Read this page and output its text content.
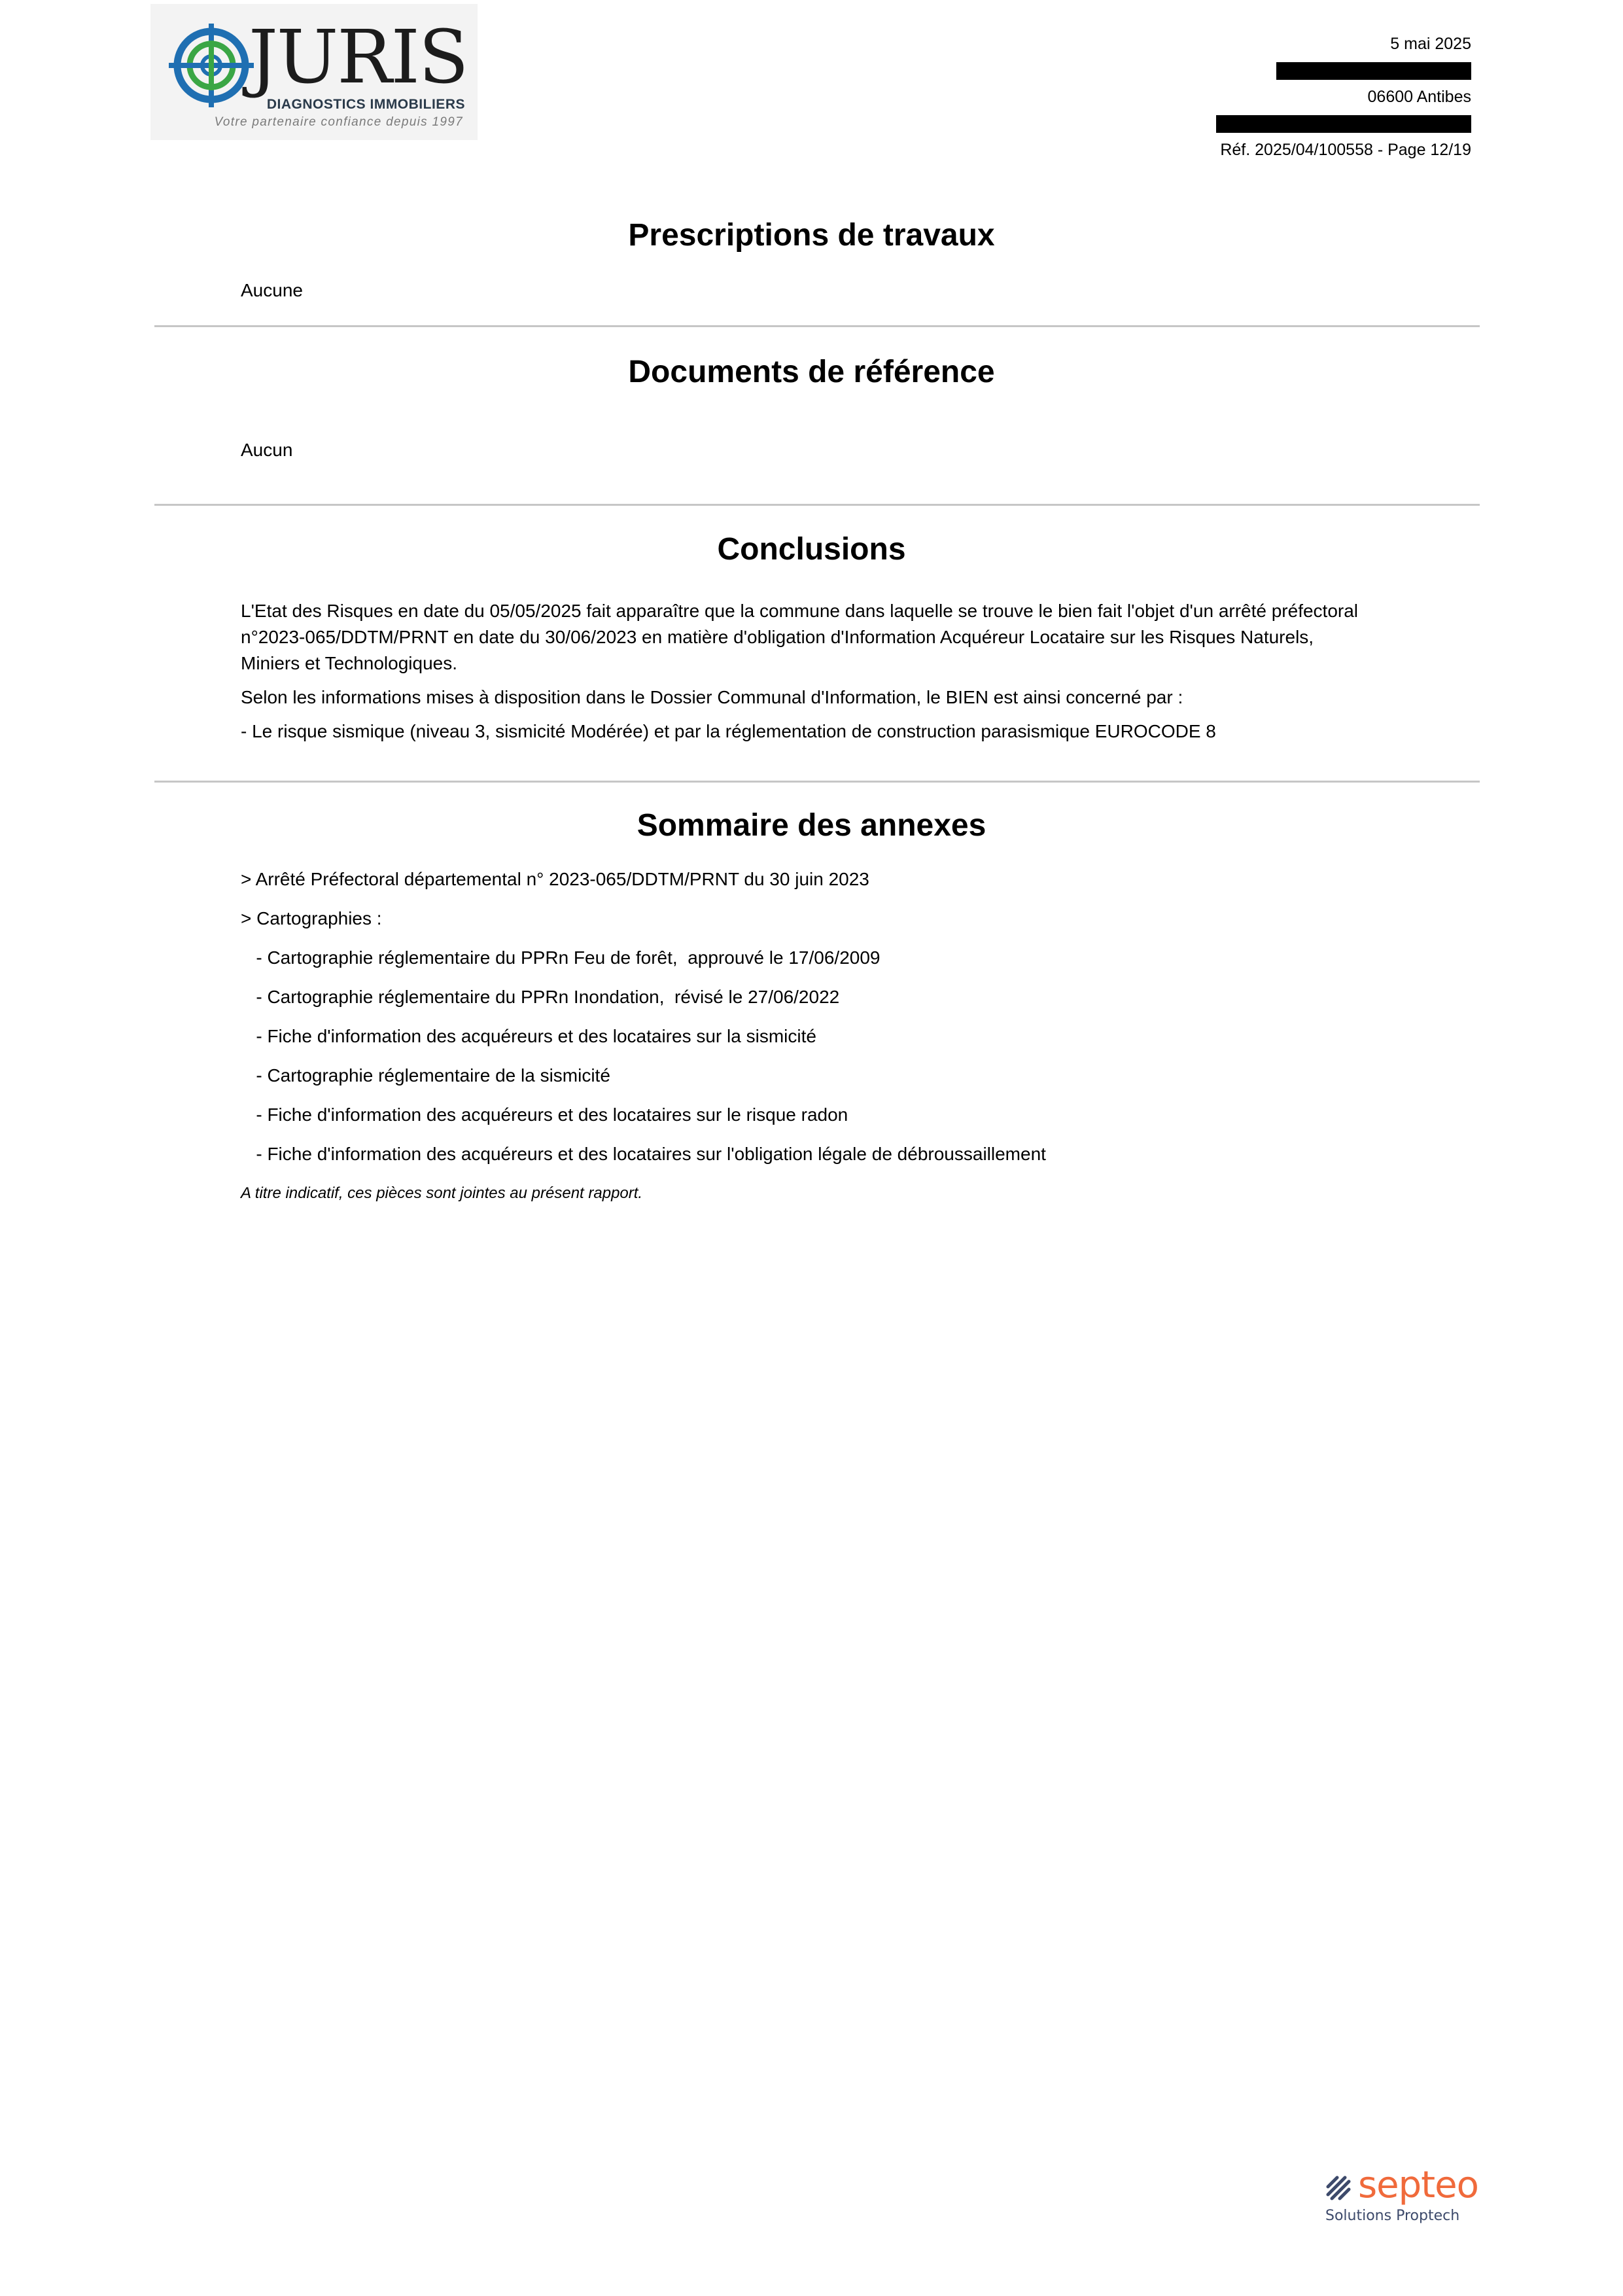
JURIS
DIAGNOSTICS IMMOBILIERS
Votre partenaire confiance depuis 1997
5 mai 2025
06600 Antibes
Réf. 2025/04/100558 - Page 12/19
Prescriptions de travaux
Aucune
Documents de référence
Aucun
Conclusions

L'Etat des Risques en date du 05/05/2025 fait apparaître que la commune dans laquelle se trouve le bien fait l'objet d'un arrêté préfectoral n°2023-065/DDTM/PRNT en date du 30/06/2023 en matière d'obligation d'Information Acquéreur Locataire sur les Risques Naturels, Miniers et Technologiques.

Selon les informations mises à disposition dans le Dossier Communal d'Information, le BIEN est ainsi concerné par :

- Le risque sismique (niveau 3, sismicité Modérée) et par la réglementation de construction parasismique EUROCODE 8

Sommaire des annexes
> Arrêté Préfectoral départemental n° 2023-065/DDTM/PRNT du 30 juin 2023
> Cartographies :
- Cartographie réglementaire du PPRn Feu de forêt,  approuvé le 17/06/2009
- Cartographie réglementaire du PPRn Inondation,  révisé le 27/06/2022
- Fiche d'information des acquéreurs et des locataires sur la sismicité
- Cartographie réglementaire de la sismicité
- Fiche d'information des acquéreurs et des locataires sur le risque radon
- Fiche d'information des acquéreurs et des locataires sur l'obligation légale de débroussaillement
A titre indicatif, ces pièces sont jointes au présent rapport.
septeo
Solutions Proptech
